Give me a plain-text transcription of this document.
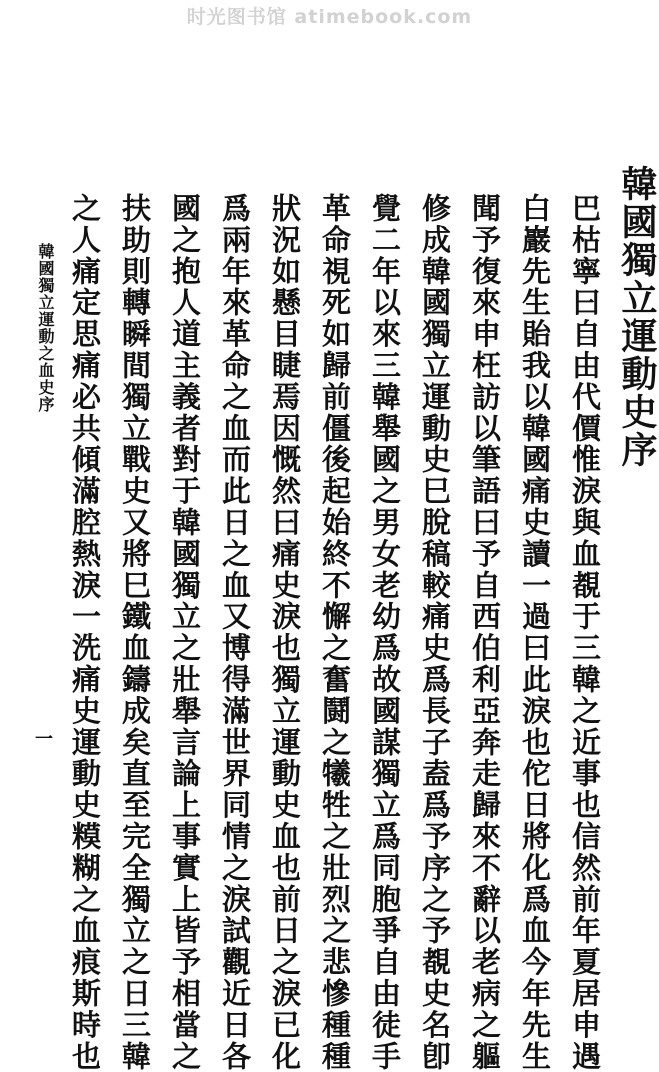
时光图书馆 atimebook.com
韓國獨立運動史序
巴枯寧曰自由代價惟淚與血覩于三韓之近事也信然前年夏居申遇
白巖先生貽我以韓國痛史讀一過曰此淚也佗日將化爲血今年先生
聞予復來申枉訪以筆語曰予自西伯利亞奔走歸來不辭以老病之軀
修成韓國獨立運動史巳脫稿較痛史爲長子盍爲予序之予覩史名卽
覺二年以來三韓舉國之男女老幼爲故國謀獨立爲同胞爭自由徒手
革命視死如歸前僵後起始終不懈之奮鬪之犧牲之壯烈之悲慘種種
狀況如懸目睫焉因慨然曰痛史淚也獨立運動史血也前日之淚已化
爲兩年來革命之血而此日之血又博得滿世界同情之淚試觀近日各
國之抱人道主義者對于韓國獨立之壯舉言論上事實上皆予相當之
扶助則轉瞬間獨立戰史又將巳鐵血鑄成矣直至完全獨立之日三韓
之人痛定思痛必共傾滿腔熱淚一洗痛史運動史糢糊之血痕斯時也
韓國獨立運動之血史序
一
